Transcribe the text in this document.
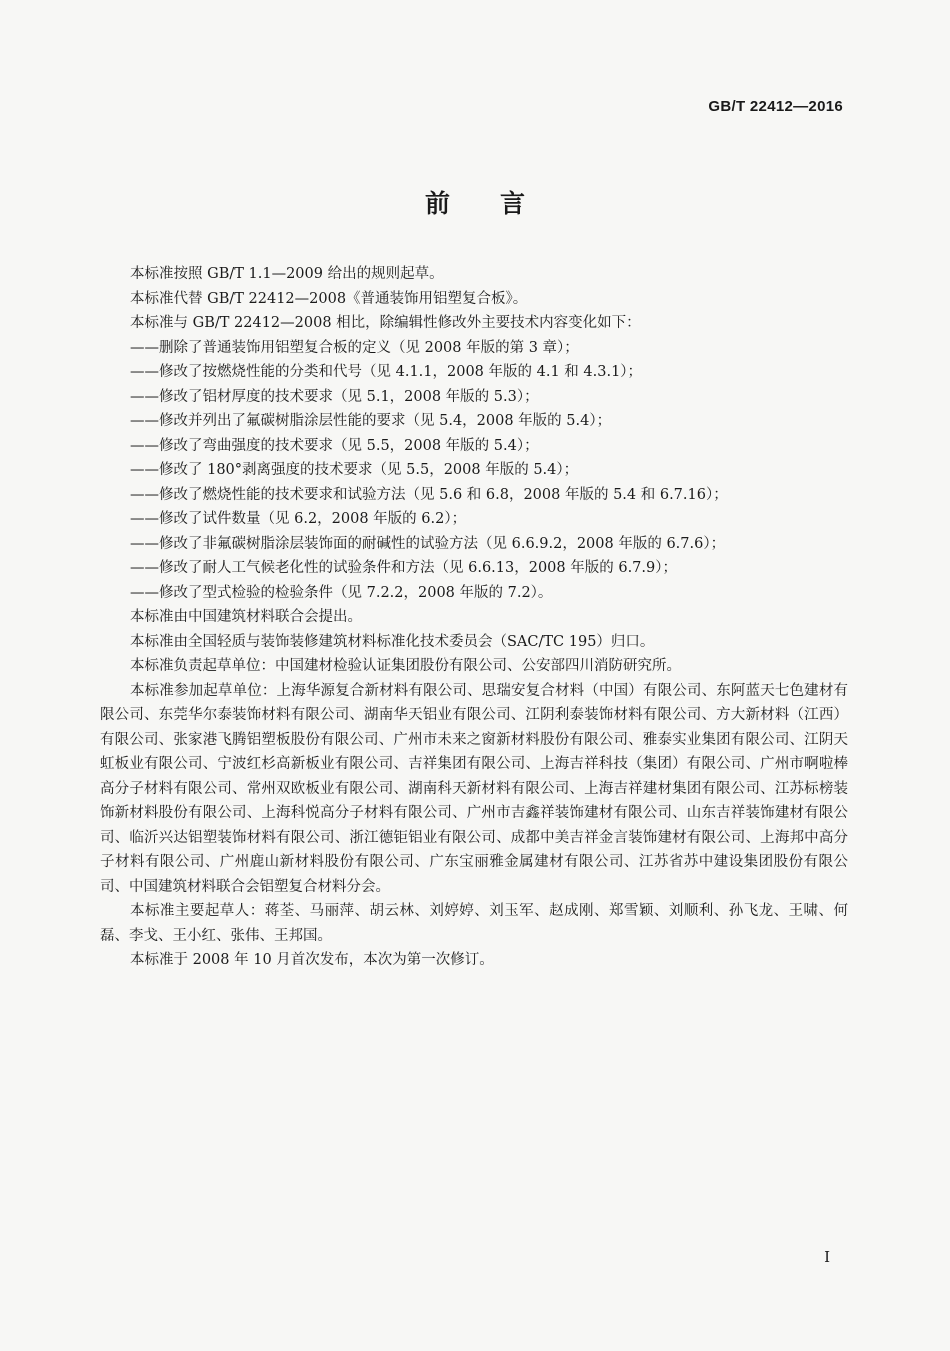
GB/T 22412—2016
前言

本标准按照 GB/T 1.1—2009 给出的规则起草。

本标准代替 GB/T 22412—2008《普通装饰用铝塑复合板》。

本标准与 GB/T 22412—2008 相比，除编辑性修改外主要技术内容变化如下：

——删除了普通装饰用铝塑复合板的定义（见 2008 年版的第 3 章）；

——修改了按燃烧性能的分类和代号（见 4.1.1，2008 年版的 4.1 和 4.3.1）；

——修改了铝材厚度的技术要求（见 5.1，2008 年版的 5.3）；

——修改并列出了氟碳树脂涂层性能的要求（见 5.4，2008 年版的 5.4）；

——修改了弯曲强度的技术要求（见 5.5，2008 年版的 5.4）；

——修改了 180°剥离强度的技术要求（见 5.5，2008 年版的 5.4）；

——修改了燃烧性能的技术要求和试验方法（见 5.6 和 6.8，2008 年版的 5.4 和 6.7.16）；

——修改了试件数量（见 6.2，2008 年版的 6.2）；

——修改了非氟碳树脂涂层装饰面的耐碱性的试验方法（见 6.6.9.2，2008 年版的 6.7.6）；

——修改了耐人工气候老化性的试验条件和方法（见 6.6.13，2008 年版的 6.7.9）；

——修改了型式检验的检验条件（见 7.2.2，2008 年版的 7.2）。

本标准由中国建筑材料联合会提出。

本标准由全国轻质与装饰装修建筑材料标准化技术委员会（SAC/TC 195）归口。

本标准负责起草单位：中国建材检验认证集团股份有限公司、公安部四川消防研究所。

本标准参加起草单位：上海华源复合新材料有限公司、思瑞安复合材料（中国）有限公司、东阿蓝天七色建材有限公司、东莞华尔泰装饰材料有限公司、湖南华天铝业有限公司、江阴利泰装饰材料有限公司、方大新材料（江西）有限公司、张家港飞腾铝塑板股份有限公司、广州市未来之窗新材料股份有限公司、雅泰实业集团有限公司、江阴天虹板业有限公司、宁波红杉高新板业有限公司、吉祥集团有限公司、上海吉祥科技（集团）有限公司、广州市啊啦棒高分子材料有限公司、常州双欧板业有限公司、湖南科天新材料有限公司、上海吉祥建材集团有限公司、江苏标榜装饰新材料股份有限公司、上海科悦高分子材料有限公司、广州市吉鑫祥装饰建材有限公司、山东吉祥装饰建材有限公司、临沂兴达铝塑装饰材料有限公司、浙江德钜铝业有限公司、成都中美吉祥金言装饰建材有限公司、上海邦中高分子材料有限公司、广州鹿山新材料股份有限公司、广东宝丽雅金属建材有限公司、江苏省苏中建设集团股份有限公司、中国建筑材料联合会铝塑复合材料分会。

本标准主要起草人：蒋荃、马丽萍、胡云林、刘婷婷、刘玉军、赵成刚、郑雪颖、刘顺利、孙飞龙、王啸、何磊、李戈、王小红、张伟、王邦国。

本标准于 2008 年 10 月首次发布，本次为第一次修订。

I
